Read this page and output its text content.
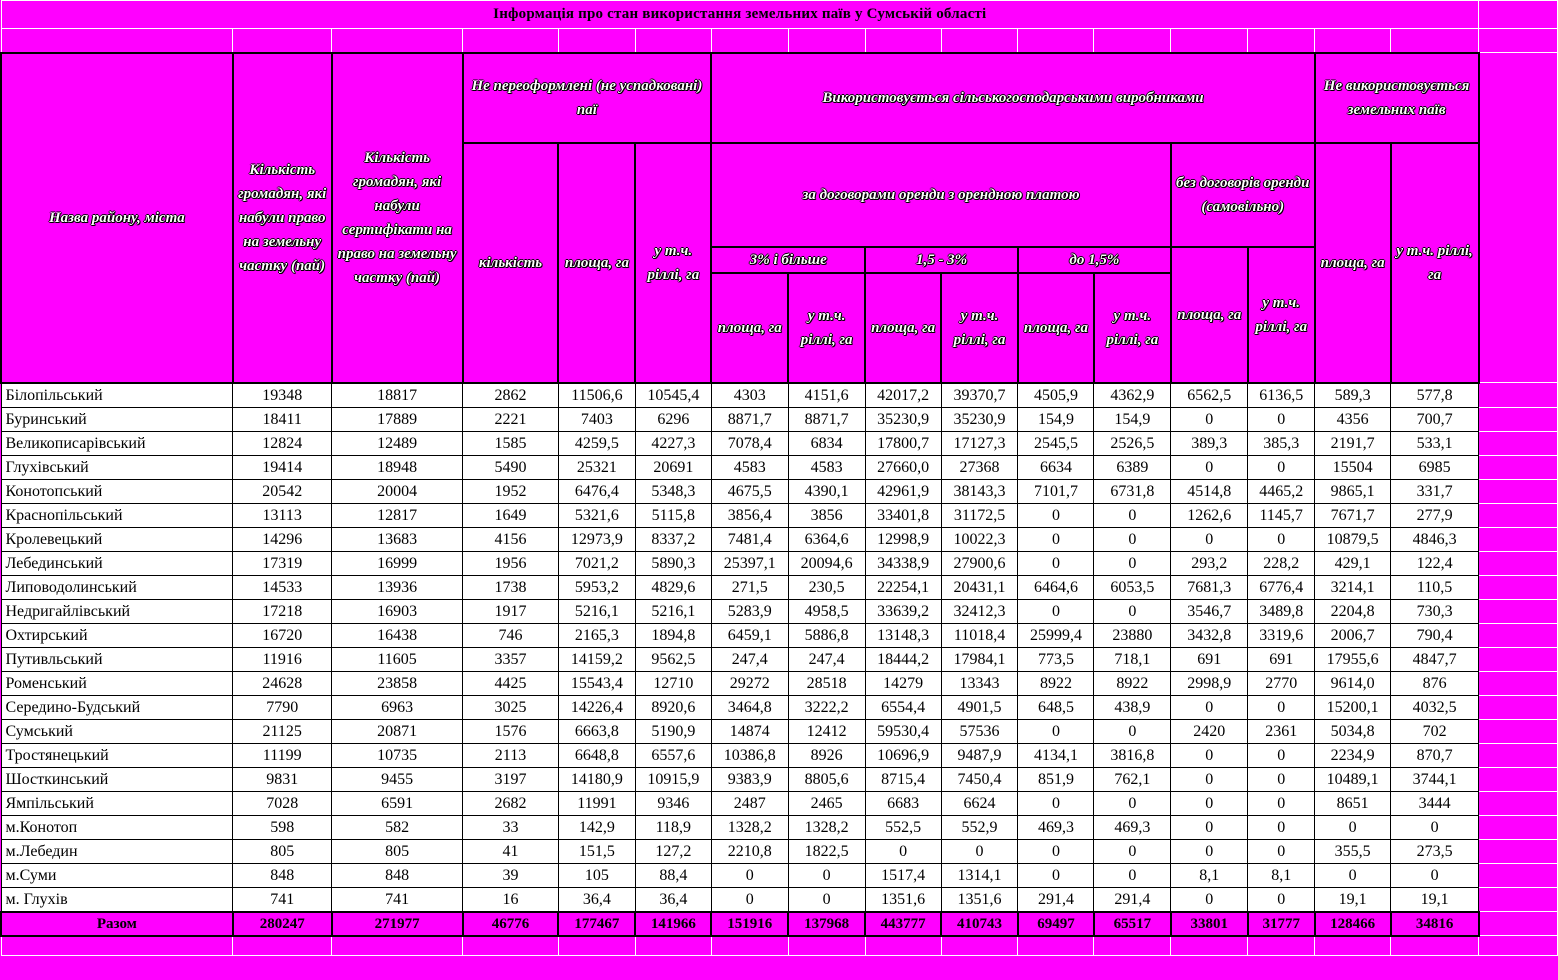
Інформація про стан використання земельних паїв у Сумській області																

Назва району, міста	Кількість громадян, які набули право на земельну частку (пай)	Кількість громадян, які набули сертифікати на право на земельну частку (пай)	Не переоформлені (не успадковані) паї			Використовується сільськогосподарськими виробниками								Не використовується земельних паїв		
			кількість	площа, га	у т.ч. ріллі, га	за договорами оренди з орендною платою						без договорів оренди (самовільно)		площа, га	у т.ч. ріллі, га	
						3% і більше		1,5 - 3%		до 1,5%		площа, га	у т.ч. ріллі, га			
						площа, га	у т.ч. ріллі, га	площа, га	у т.ч. ріллі, га	площа, га	у т.ч. ріллі, га					
Білопільський	19348	18817	2862	11506,6	10545,4	4303	4151,6	42017,2	39370,7	4505,9	4362,9	6562,5	6136,5	589,3	577,8	
Буринський	18411	17889	2221	7403	6296	8871,7	8871,7	35230,9	35230,9	154,9	154,9	0	0	4356	700,7	
Великописарівський	12824	12489	1585	4259,5	4227,3	7078,4	6834	17800,7	17127,3	2545,5	2526,5	389,3	385,3	2191,7	533,1	
Глухівський	19414	18948	5490	25321	20691	4583	4583	27660,0	27368	6634	6389	0	0	15504	6985	
Конотопський	20542	20004	1952	6476,4	5348,3	4675,5	4390,1	42961,9	38143,3	7101,7	6731,8	4514,8	4465,2	9865,1	331,7	
Краснопільський	13113	12817	1649	5321,6	5115,8	3856,4	3856	33401,8	31172,5	0	0	1262,6	1145,7	7671,7	277,9	
Кролевецький	14296	13683	4156	12973,9	8337,2	7481,4	6364,6	12998,9	10022,3	0	0	0	0	10879,5	4846,3	
Лебединський	17319	16999	1956	7021,2	5890,3	25397,1	20094,6	34338,9	27900,6	0	0	293,2	228,2	429,1	122,4	
Липоводолинський	14533	13936	1738	5953,2	4829,6	271,5	230,5	22254,1	20431,1	6464,6	6053,5	7681,3	6776,4	3214,1	110,5	
Недригайлівський	17218	16903	1917	5216,1	5216,1	5283,9	4958,5	33639,2	32412,3	0	0	3546,7	3489,8	2204,8	730,3	
Охтирський	16720	16438	746	2165,3	1894,8	6459,1	5886,8	13148,3	11018,4	25999,4	23880	3432,8	3319,6	2006,7	790,4	
Путивльський	11916	11605	3357	14159,2	9562,5	247,4	247,4	18444,2	17984,1	773,5	718,1	691	691	17955,6	4847,7	
Роменський	24628	23858	4425	15543,4	12710	29272	28518	14279	13343	8922	8922	2998,9	2770	9614,0	876	
Середино-Будський	7790	6963	3025	14226,4	8920,6	3464,8	3222,2	6554,4	4901,5	648,5	438,9	0	0	15200,1	4032,5	
Сумський	21125	20871	1576	6663,8	5190,9	14874	12412	59530,4	57536	0	0	2420	2361	5034,8	702	
Тростянецький	11199	10735	2113	6648,8	6557,6	10386,8	8926	10696,9	9487,9	4134,1	3816,8	0	0	2234,9	870,7	
Шосткинський	9831	9455	3197	14180,9	10915,9	9383,9	8805,6	8715,4	7450,4	851,9	762,1	0	0	10489,1	3744,1	
Ямпільський	7028	6591	2682	11991	9346	2487	2465	6683	6624	0	0	0	0	8651	3444	
м.Конотоп	598	582	33	142,9	118,9	1328,2	1328,2	552,5	552,9	469,3	469,3	0	0	0	0	
м.Лебедин	805	805	41	151,5	127,2	2210,8	1822,5	0	0	0	0	0	0	355,5	273,5	
м.Суми	848	848	39	105	88,4	0	0	1517,4	1314,1	0	0	8,1	8,1	0	0	
м. Глухів	741	741	16	36,4	36,4	0	0	1351,6	1351,6	291,4	291,4	0	0	19,1	19,1	
Разом	280247	271977	46776	177467	141966	151916	137968	443777	410743	69497	65517	33801	31777	128466	34816	
